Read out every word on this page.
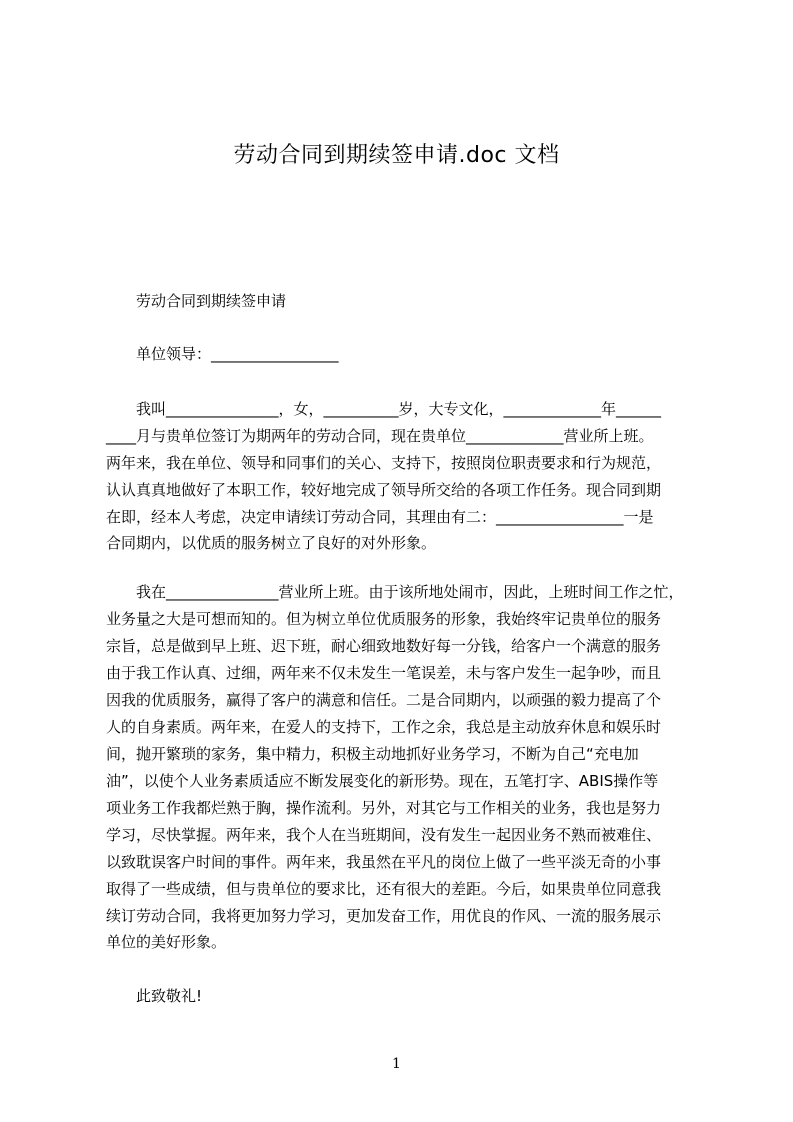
劳动合同到期续签申请.doc 文档
劳动合同到期续签申请
单位领导：_________________
我叫_______________，女，__________岁，大专文化，_____________年______
____月与贵单位签订为期两年的劳动合同，现在贵单位_____________营业所上班。
两年来，我在单位、领导和同事们的关心、支持下，按照岗位职责要求和行为规范，
认认真真地做好了本职工作，较好地完成了领导所交给的各项工作任务。现合同到期
在即，经本人考虑，决定申请续订劳动合同，其理由有二：_________________一是
合同期内，以优质的服务树立了良好的对外形象。
我在_______________营业所上班。由于该所地处闹市，因此，上班时间工作之忙，
业务量之大是可想而知的。但为树立单位优质服务的形象，我始终牢记贵单位的服务
宗旨，总是做到早上班、迟下班，耐心细致地数好每一分钱，给客户一个满意的服务
由于我工作认真、过细，两年来不仅未发生一笔误差，未与客户发生一起争吵，而且
因我的优质服务，赢得了客户的满意和信任。二是合同期内，以顽强的毅力提高了个
人的自身素质。两年来，在爱人的支持下，工作之余，我总是主动放弃休息和娱乐时
间，抛开繁琐的家务，集中精力，积极主动地抓好业务学习，不断为自己“充电加
油”，以使个人业务素质适应不断发展变化的新形势。现在，五笔打字、ABIS操作等
项业务工作我都烂熟于胸，操作流利。另外，对其它与工作相关的业务，我也是努力
学习，尽快掌握。两年来，我个人在当班期间，没有发生一起因业务不熟而被难住、
以致耽误客户时间的事件。两年来，我虽然在平凡的岗位上做了一些平淡无奇的小事
取得了一些成绩，但与贵单位的要求比，还有很大的差距。今后，如果贵单位同意我
续订劳动合同，我将更加努力学习，更加发奋工作，用优良的作风、一流的服务展示
单位的美好形象。
此致敬礼!
1
